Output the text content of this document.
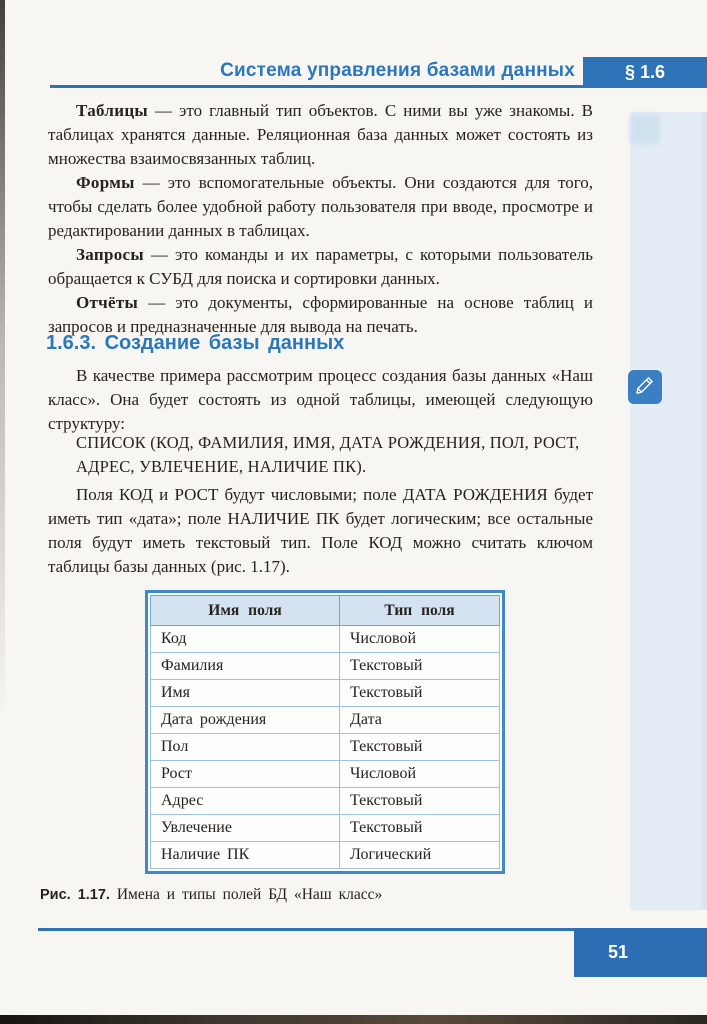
Система управления базами данных	§ 1.6

Таблицы — это главный тип объектов. С ними вы уже знакомы. В таблицах хранятся данные. Реляционная база данных может состоять из множества взаимосвязанных таблиц.

Формы — это вспомогательные объекты. Они создаются для того, чтобы сделать более удобной работу пользователя при вводе, просмотре и редактировании данных в таблицах.

Запросы — это команды и их параметры, с которыми пользователь обращается к СУБД для поиска и сортировки данных.

Отчёты — это документы, сформированные на основе таблиц и запросов и предназначенные для вывода на печать.

1.6.3. Создание базы данных

В качестве примера рассмотрим процесс создания базы данных «Наш класс». Она будет состоять из одной таблицы, имеющей следующую структуру:

СПИСОК (КОД, ФАМИЛИЯ, ИМЯ, ДАТА РОЖДЕНИЯ, ПОЛ, РОСТ, АДРЕС, УВЛЕЧЕНИЕ, НАЛИЧИЕ ПК).

Поля КОД и РОСТ будут числовыми; поле ДАТА РОЖДЕНИЯ будет иметь тип «дата»; поле НАЛИЧИЕ ПК будет логическим; все остальные поля будут иметь текстовый тип. Поле КОД можно считать ключом таблицы базы данных (рис. 1.17).

Имя поля	Тип поля
Код	Числовой
Фамилия	Текстовый
Имя	Текстовый
Дата рождения	Дата
Пол	Текстовый
Рост	Числовой
Адрес	Текстовый
Увлечение	Текстовый
Наличие ПК	Логический
Рис. 1.17. Имена и типы полей БД «Наш класс»
51
